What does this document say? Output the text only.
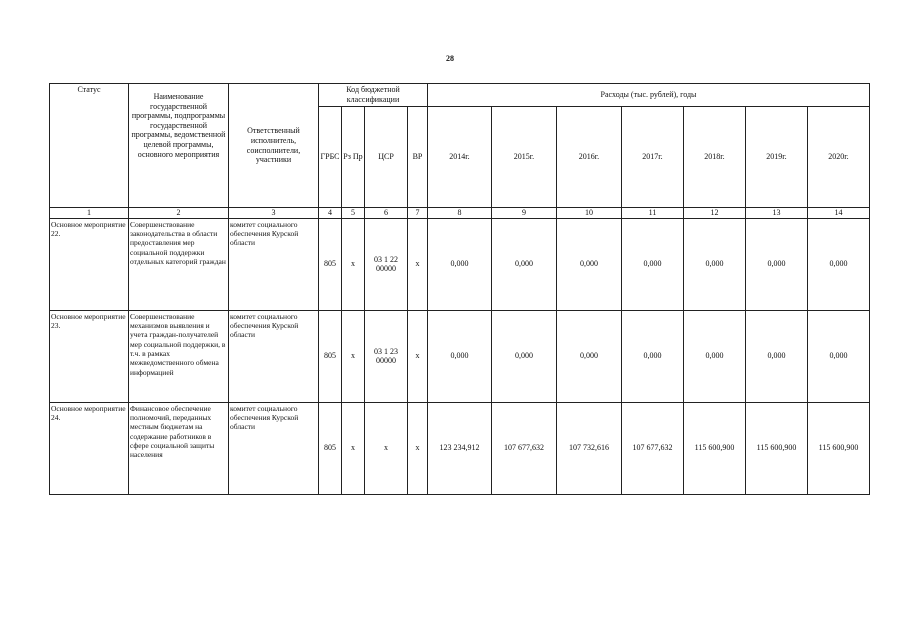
28
Статус	Наименование государственной программы, подпрограммы государственной программы, ведомственной целевой программы, основного мероприятия	Ответственный исполнитель, соисполнители, участники	Код бюджетной классификации				Расходы (тыс. рублей), годы						
			ГРБС	Рз Пр	ЦСР	ВР	2014г.	2015г.	2016г.	2017г.	2018г.	2019г.	2020г.
1	2	3	4	5	6	7	8	9	10	11	12	13	14
Основное мероприятие 22.	Совершенствование законодательства в области предоставления мер социальной поддержки отдельных категорий граждан	комитет социального обеспечения Курской области	805	х	03 1 22 00000	х	0,000	0,000	0,000	0,000	0,000	0,000	0,000
Основное мероприятие 23.	Совершенствование механизмов выявления и учета граждан-получателей мер социальной поддержки, в т.ч. в рамках межведомственного обмена информацией	комитет социального обеспечения Курской области	805	х	03 1 23 00000	х	0,000	0,000	0,000	0,000	0,000	0,000	0,000
Основное мероприятие 24.	Финансовое обеспечение полномочий, переданных местным бюджетам на содержание работников в сфере социальной защиты населения	комитет социального обеспечения Курской области	805	х	х	х	123 234,912	107 677,632	107 732,616	107 677,632	115 600,900	115 600,900	115 600,900
